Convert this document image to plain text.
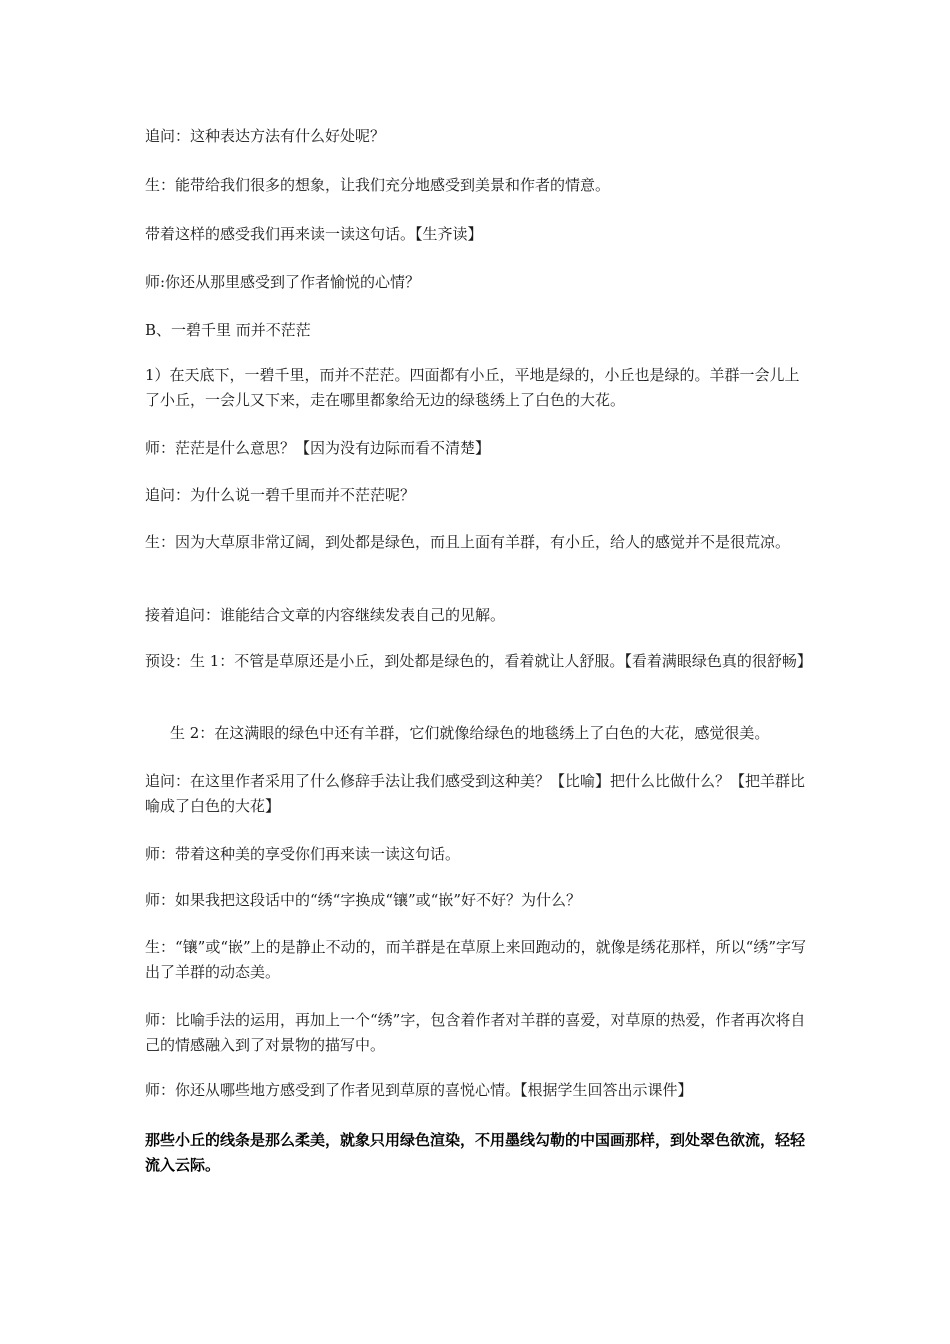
追问：这种表达方法有什么好处呢？

生：能带给我们很多的想象，让我们充分地感受到美景和作者的情意。

带着这样的感受我们再来读一读这句话。【生齐读】

师:你还从那里感受到了作者愉悦的心情？

B、一碧千里 而并不茫茫

1）在天底下，一碧千里，而并不茫茫。四面都有小丘，平地是绿的，小丘也是绿的。羊群一会儿上了小丘，一会儿又下来，走在哪里都象给无边的绿毯绣上了白色的大花。

师：茫茫是什么意思？【因为没有边际而看不清楚】

追问：为什么说一碧千里而并不茫茫呢？

生：因为大草原非常辽阔，到处都是绿色，而且上面有羊群，有小丘，给人的感觉并不是很荒凉。

接着追问：谁能结合文章的内容继续发表自己的见解。

预设：生 1：不管是草原还是小丘，到处都是绿色的，看着就让人舒服。【看着满眼绿色真的很舒畅】

生 2：在这满眼的绿色中还有羊群，它们就像给绿色的地毯绣上了白色的大花，感觉很美。

追问：在这里作者采用了什么修辞手法让我们感受到这种美？【比喻】把什么比做什么？【把羊群比喻成了白色的大花】

师：带着这种美的享受你们再来读一读这句话。

师：如果我把这段话中的“绣“字换成“镶”或“嵌”好不好？为什么？

生：“镶”或“嵌”上的是静止不动的，而羊群是在草原上来回跑动的，就像是绣花那样，所以“绣”字写出了羊群的动态美。

师：比喻手法的运用，再加上一个“绣”字，包含着作者对羊群的喜爱，对草原的热爱，作者再次将自己的情感融入到了对景物的描写中。

师：你还从哪些地方感受到了作者见到草原的喜悦心情。【根据学生回答出示课件】

那些小丘的线条是那么柔美，就象只用绿色渲染，不用墨线勾勒的中国画那样，到处翠色欲流，轻轻流入云际。
